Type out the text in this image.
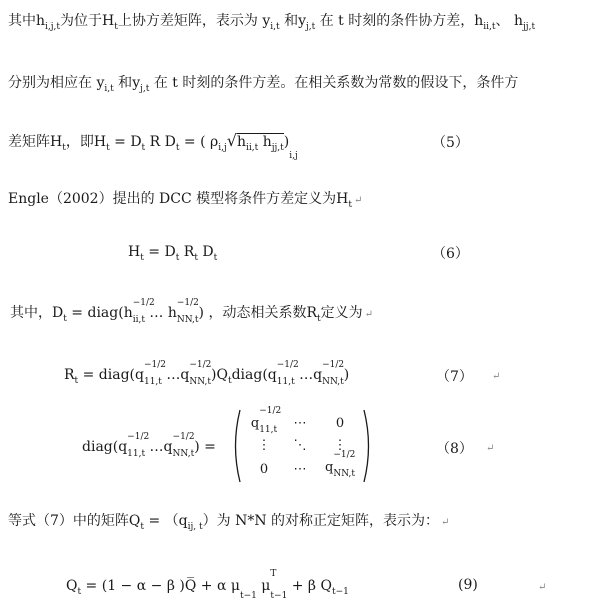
其中$h_{i,j,t}$为位于$H_t$上协方差矩阵，表示为 $y_{i,t}$ 和$y_{j,t}$ 在 t 时刻的条件协方差，$h_{ii,t}$、 $h_{jj,t}$
分别为相应在 $y_{i,t}$ 和$y_{j,t}$ 在 t 时刻的条件方差。在相关系数为常数的假设下，条件方
差矩阵$H_t$，即$H_t = D_t$ R $D_t$ = ( $\rho_{i,j}√h_{ii,t}$ $h_{jj,t})_{i,j}$
（5）
Engle（2002）提出的 DCC 模型将条件方差定义为$H_t$ ↵
$H_t = D_t$ $R_t$ $D_t$	（6）
其中，$D_t$ = diag(h
−1/2
$_{ii,t}$ … h
−1/2
$_{NN,t}$) ，动态相关系数$R_t$定义为 ↵
$R_t$ = diag(q
−1/2
$_{11,t}$ …q
−1/2
$_{NN,t})Q_tdiag(q$
−1/2
$_{11,t}$ …q
−1/2
$_{NN,t}$)	（7） ↵
diag(q
−1/2
$_{11,t}$ …q
−1/2
$_{NN,t}$) =
q
−1/2
$_{11,t}$	⋯	0
⋮	⋱	⋮
0	⋯	q
−1/2
$_{NN,t}$
（8） ↵
等式（7）中的矩阵$Q_t = (q_{ij, t})$为 N*N 的对称正定矩阵，表示为： ↵
$Q_t = (1 - \alpha - \beta$ )Q̅ + α $\mu_{t-1}$ μ
T
$_{t-1}$ + β $Q_{t-1}$	(9)	↵
